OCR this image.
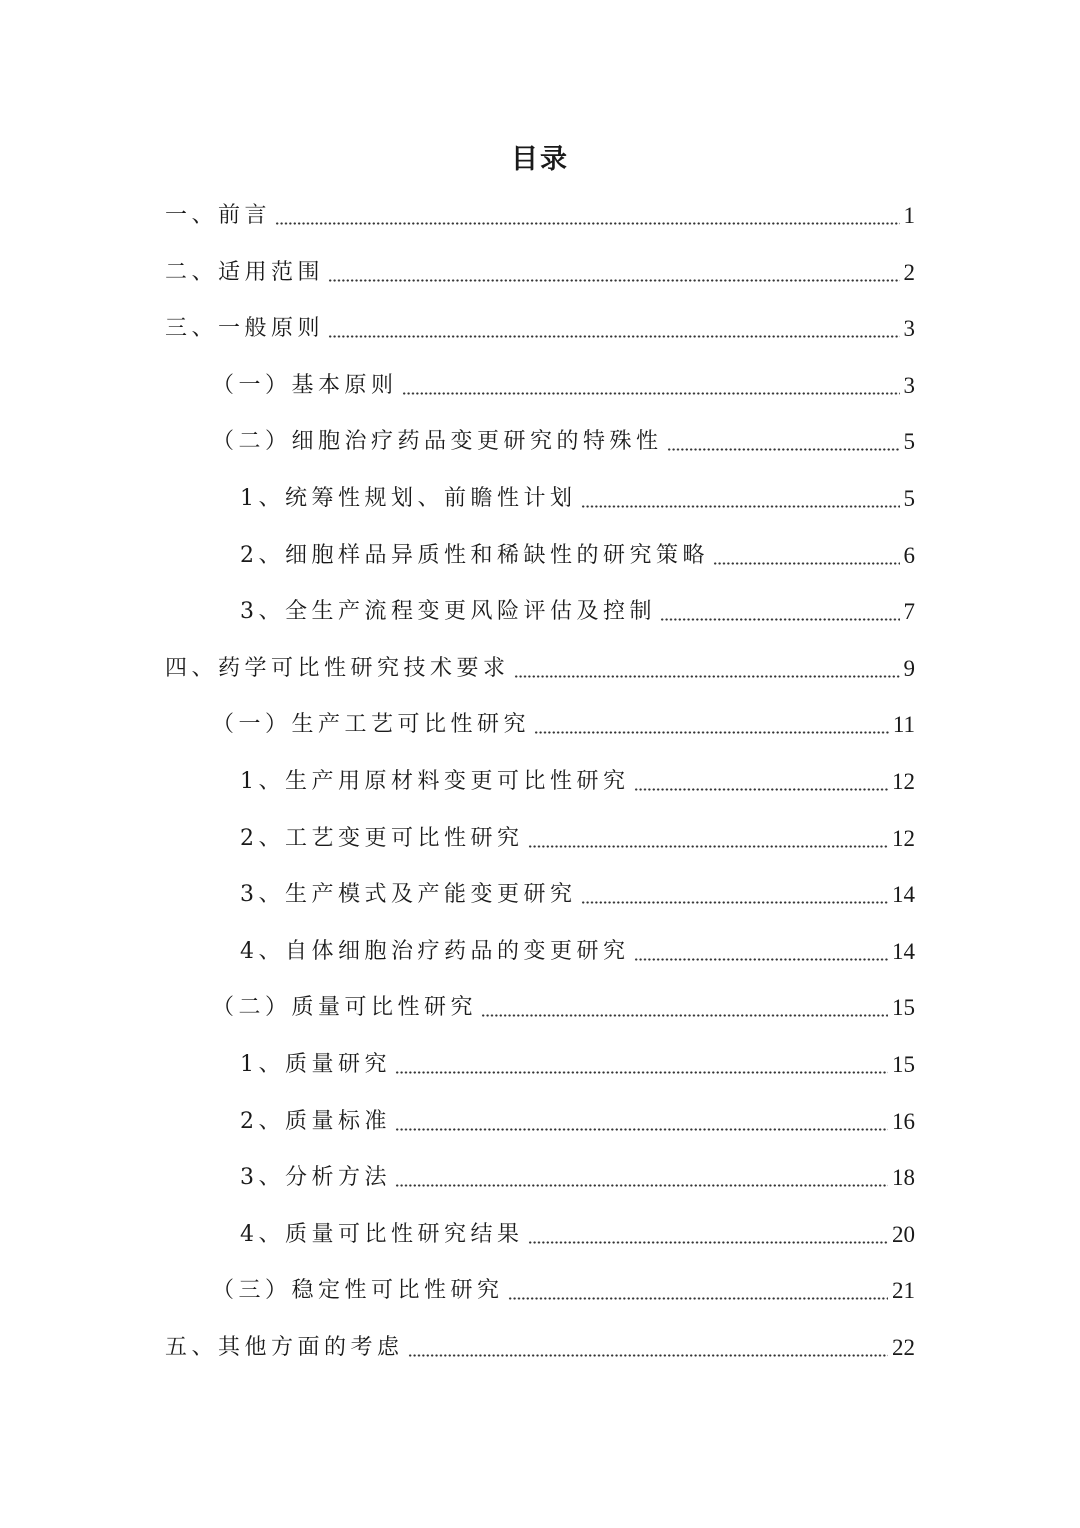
目录
一、前言	1
二、适用范围	2
三、一般原则	3
（一）基本原则	3
（二）细胞治疗药品变更研究的特殊性	5
1、统筹性规划、前瞻性计划	5
2、细胞样品异质性和稀缺性的研究策略	6
3、全生产流程变更风险评估及控制	7
四、药学可比性研究技术要求	9
（一）生产工艺可比性研究	11
1、生产用原材料变更可比性研究	12
2、工艺变更可比性研究	12
3、生产模式及产能变更研究	14
4、自体细胞治疗药品的变更研究	14
（二）质量可比性研究	15
1、质量研究	15
2、质量标准	16
3、分析方法	18
4、质量可比性研究结果	20
（三）稳定性可比性研究	21
五、其他方面的考虑	22
